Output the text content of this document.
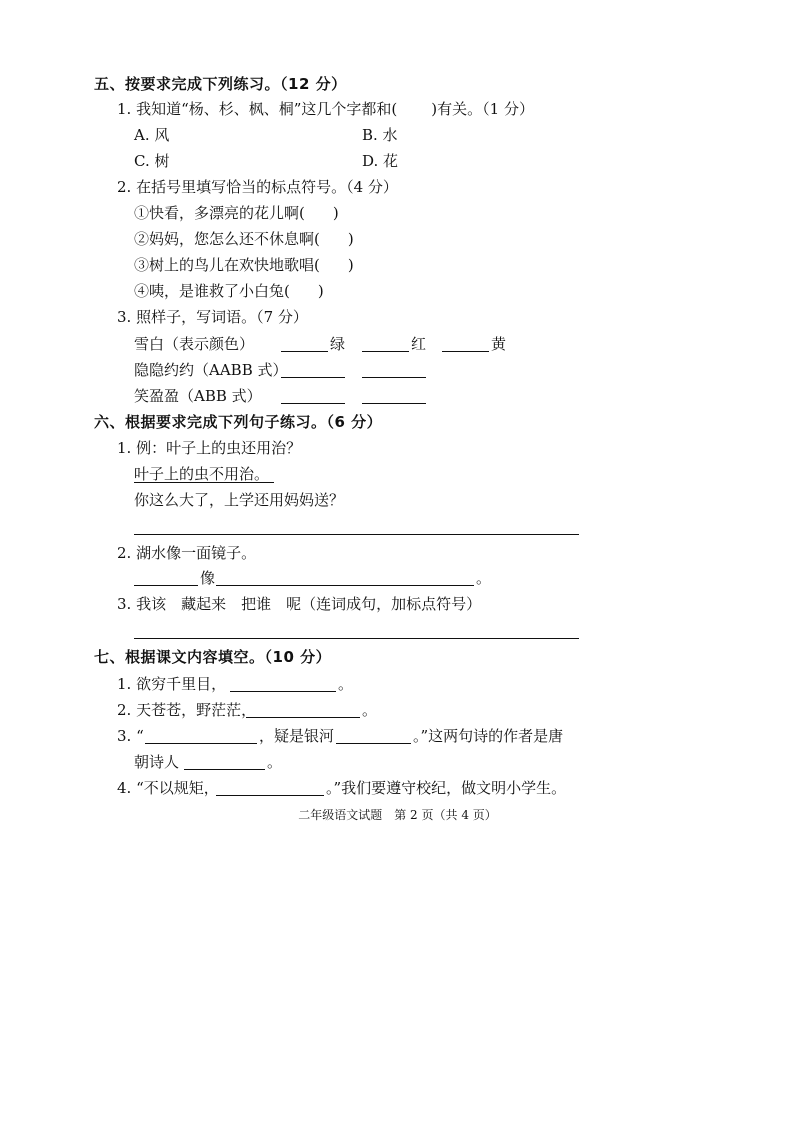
五、按要求完成下列练习。（12 分）
1. 我知道“杨、杉、枫、桐”这几个字都和( )有关。（1 分）
A. 风	B. 水
C. 树	D. 花
2. 在括号里填写恰当的标点符号。（4 分）
①快看，多漂亮的花儿啊( )
②妈妈，您怎么还不休息啊( )
③树上的鸟儿在欢快地歌唱( )
④咦，是谁救了小白兔( )
3. 照样子，写词语。（7 分）
雪白（表示颜色）	绿	红	黄
隐隐约约（AABB 式）
笑盈盈（ABB 式）
六、根据要求完成下列句子练习。（6 分）
1. 例：叶子上的虫还用治？
叶子上的虫不用治。
你这么大了，上学还用妈妈送？
2. 湖水像一面镜子。
像	。
3. 我该　藏起来　把谁　呢（连词成句，加标点符号）
七、根据课文内容填空。（10 分）
1. 欲穷千里目，	。
2. 天苍苍，野茫茫，	。
3. “	，疑是银河	。”这两句诗的作者是唐
朝诗人	。
4. “不以规矩，	。”我们要遵守校纪，做文明小学生。
二年级语文试题　第 2 页（共 4 页）
